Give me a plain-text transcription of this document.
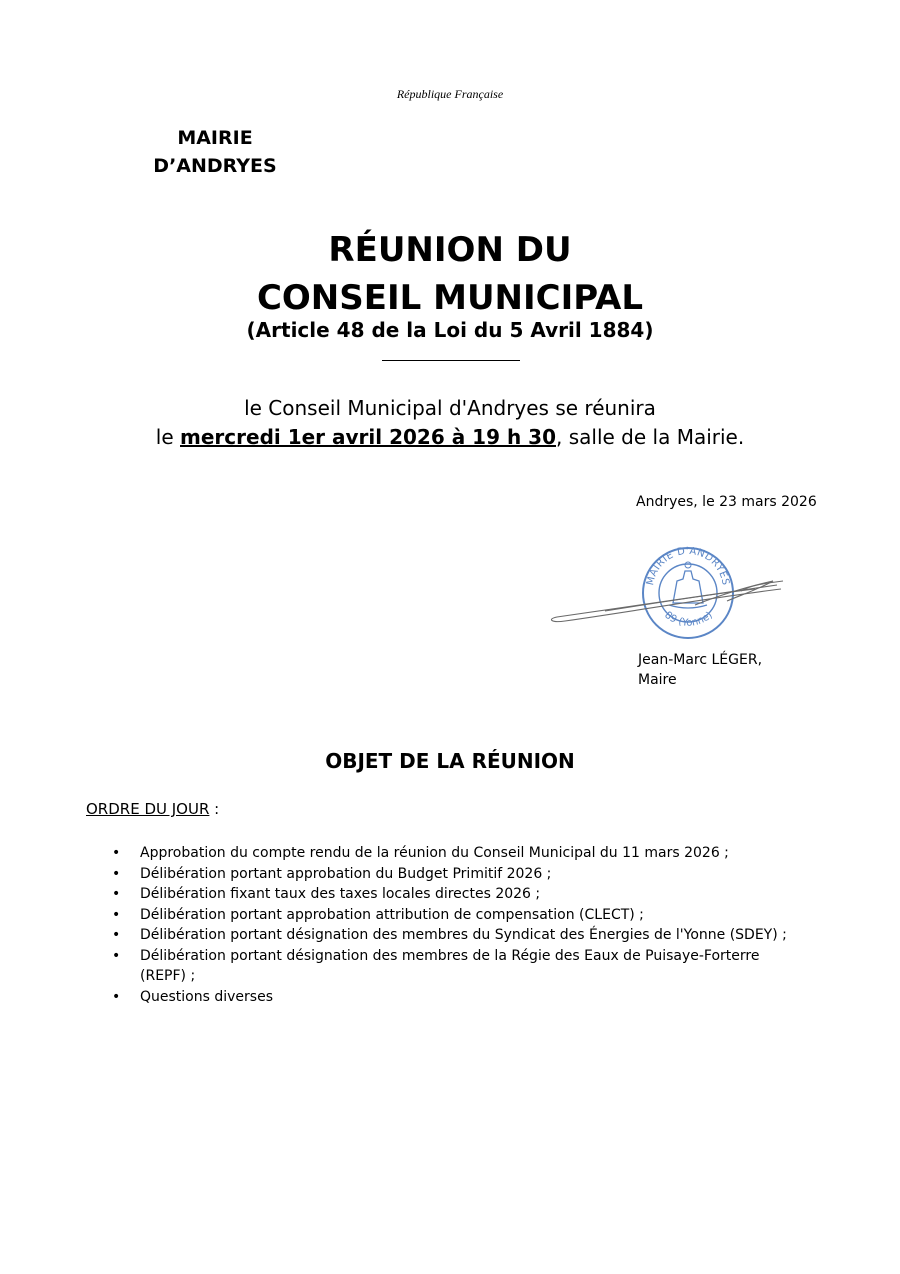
République Française
MAIRIE
D’ANDRYES
RÉUNION DU
CONSEIL MUNICIPAL
(Article 48 de la Loi du 5 Avril 1884)
le Conseil Municipal d'Andryes se réunira
le mercredi 1er avril 2026 à 19 h 30, salle de la Mairie.
Andryes, le 23 mars 2026
MAIRIE D'ANDRYES
89 (Yonne)
Jean-Marc LÉGER,
Maire
OBJET DE LA RÉUNION
ORDRE DU JOUR :
• Approbation du compte rendu de la réunion du Conseil Municipal du 11 mars 2026 ;
• Délibération portant approbation du Budget Primitif 2026 ;
• Délibération fixant taux des taxes locales directes 2026 ;
• Délibération portant approbation attribution de compensation (CLECT) ;
• Délibération portant désignation des membres du Syndicat des Énergies de l'Yonne (SDEY) ;
• Délibération portant désignation des membres de la Régie des Eaux de Puisaye-Forterre (REPF) ;
• Questions diverses
